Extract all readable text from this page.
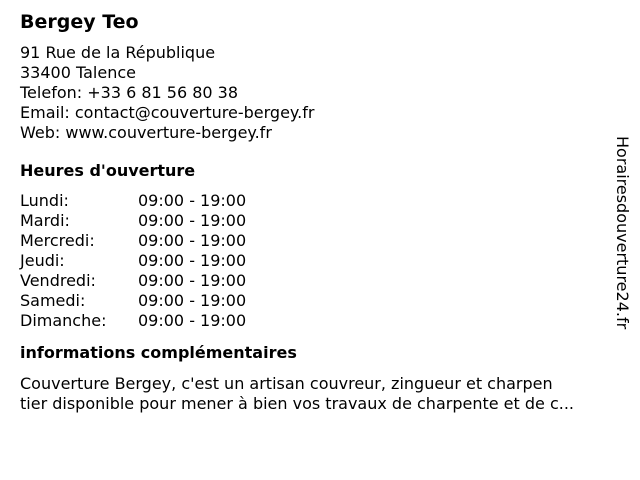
Bergey Teo
91 Rue de la République
33400 Talence
Telefon: +33 6 81 56 80 38
Email: contact@couverture-bergey.fr
Web: www.couverture-bergey.fr
Heures d'ouverture
Lundi:	09:00 - 19:00
Mardi:	09:00 - 19:00
Mercredi:	09:00 - 19:00
Jeudi:	09:00 - 19:00
Vendredi:	09:00 - 19:00
Samedi:	09:00 - 19:00
Dimanche:	09:00 - 19:00
informations complémentaires
Couverture Bergey, c'est un artisan couvreur, zingueur et charpen
tier disponible pour mener à bien vos travaux de charpente et de c...
Horairesdouverture24.fr
